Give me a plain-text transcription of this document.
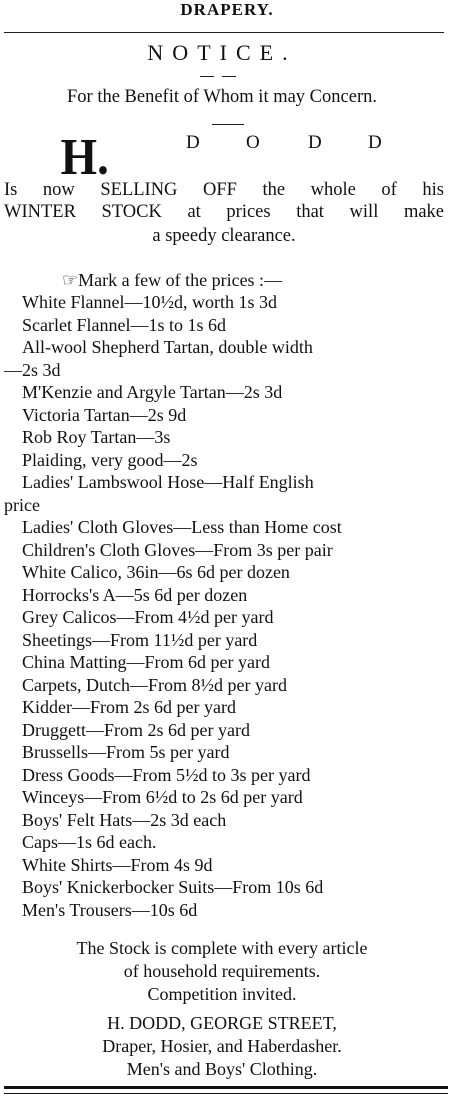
DRAPERY.
NOTICE.
For the Benefit of Whom it may Concern.
H.	D O	D D
Is now SELLING OFF the whole of his
WINTER STOCK at prices that will make
a speedy clearance.
☞Mark a few of the prices :—
White Flannel—10½d, worth 1s 3d
Scarlet Flannel—1s to 1s 6d
All-wool Shepherd Tartan, double width
—2s 3d
M'Kenzie and Argyle Tartan—2s 3d
Victoria Tartan—2s 9d
Rob Roy Tartan—3s
Plaiding, very good—2s
Ladies' Lambswool Hose—Half English
price
Ladies' Cloth Gloves—Less than Home cost
Children's Cloth Gloves—From 3s per pair
White Calico, 36in—6s 6d per dozen
Horrocks's A—5s 6d per dozen
Grey Calicos—From 4½d per yard
Sheetings—From 11½d per yard
China Matting—From 6d per yard
Carpets, Dutch—From 8½d per yard
Kidder—From 2s 6d per yard
Druggett—From 2s 6d per yard
Brussells—From 5s per yard
Dress Goods—From 5½d to 3s per yard
Winceys—From 6½d to 2s 6d per yard
Boys' Felt Hats—2s 3d each
Caps—1s 6d each.
White Shirts—From 4s 9d
Boys' Knickerbocker Suits—From 10s 6d
Men's Trousers—10s 6d
The Stock is complete with every article
of household requirements.
Competition invited.
H. DODD, GEORGE STREET,
Draper, Hosier, and Haberdasher.
Men's and Boys' Clothing.
